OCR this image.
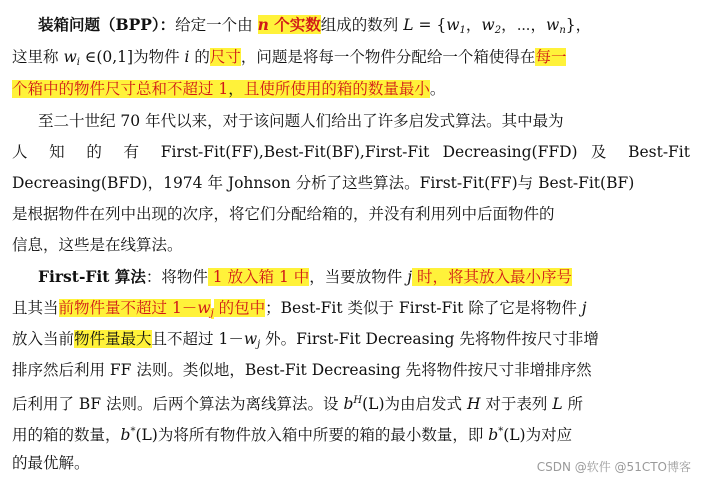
装箱问题（BPP）：给定一个由 n 个实数组成的数列 $L = \{w_1$，$w_2$，⋯，$w_n$}，
这里称 $w_i$ ∈(0,1]为物件 i 的尺寸，问题是将每一个物件分配给一个箱使得在每一
个箱中的物件尺寸总和不超过 1，且使所使用的箱的数量最小。
至二十世纪 70 年代以来，对于该问题人们给出了许多启发式算法。其中最为
人 知 的 有 First-Fit(FF),Best-Fit(BF),First-Fit Decreasing(FFD) 及 Best-Fit
Decreasing(BFD)，1974 年 Johnson 分析了这些算法。First-Fit(FF)与 Best-Fit(BF)
是根据物件在列中出现的次序，将它们分配给箱的，并没有利用列中后面物件的
信息，这些是在线算法。
First-Fit 算法：将物件 1 放入箱 1 中，当要放物件 j 时，将其放入最小序号
且其当前物件量不超过 $1-w_j$ 的包中；Best-Fit 类似于 First-Fit 除了它是将物件 j
放入当前物件量最大且不超过 $1-w_j$ 外。First-Fit Decreasing 先将物件按尺寸非增
排序然后利用 FF 法则。类似地，Best-Fit Decreasing 先将物件按尺寸非增排序然
后利用了 BF 法则。后两个算法为离线算法。设 $b^H(L)$为由启发式 H 对于表列 L 所
用的箱的数量，b*(L)为将所有物件放入箱中所要的箱的最小数量，即 b*(L)为对应
的最优解。	CSDN @软件 @51CTO博客
